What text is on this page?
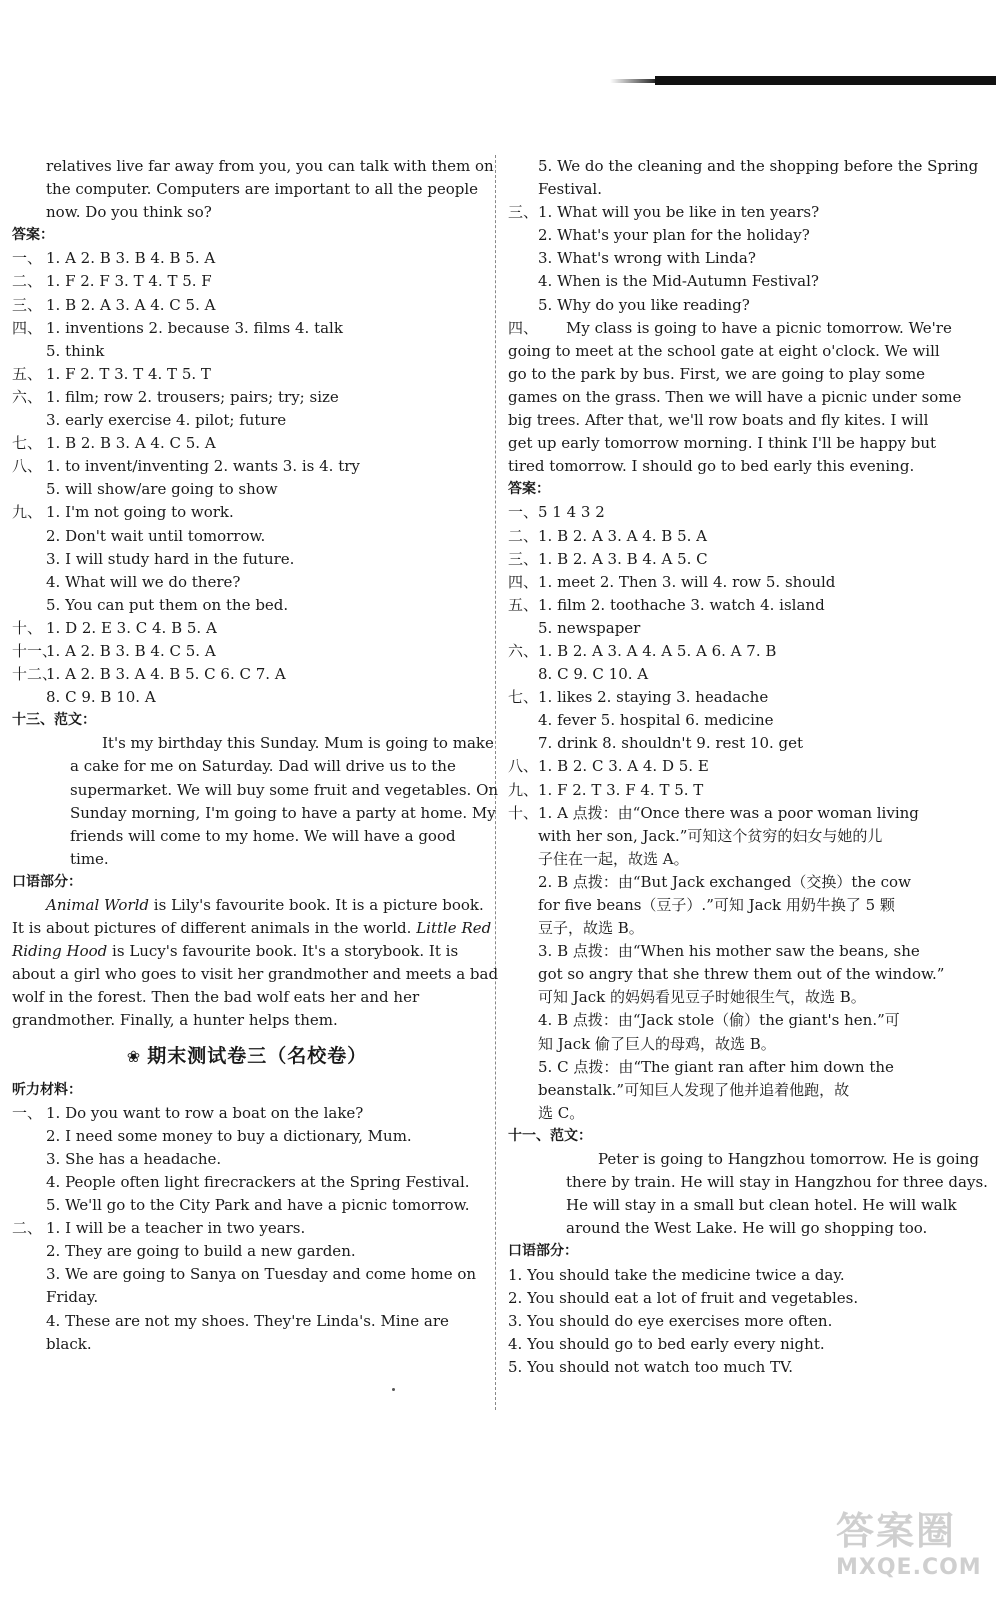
relatives live far away from you, you can talk with them on
the computer. Computers are important to all the people
now. Do you think so?
答案：
一、 1. A 2. B 3. B 4. B 5. A
二、 1. F 2. F 3. T 4. T 5. F
三、 1. B 2. A 3. A 4. C 5. A
四、 1. inventions 2. because 3. films 4. talk
5. think
五、 1. F 2. T 3. T 4. T 5. T
六、 1. film; row 2. trousers; pairs; try; size
3. early exercise 4. pilot; future
七、 1. B 2. B 3. A 4. C 5. A
八、 1. to invent/inventing 2. wants 3. is 4. try
5. will show/are going to show
九、 1. I'm not going to work.
2. Don't wait until tomorrow.
3. I will study hard in the future.
4. What will we do there?
5. You can put them on the bed.
十、 1. D 2. E 3. C 4. B 5. A
十一、1. A 2. B 3. B 4. C 5. A
十二、1. A 2. B 3. A 4. B 5. C 6. C 7. A
8. C 9. B 10. A
十三、范文：
It's my birthday this Sunday. Mum is going to make
a cake for me on Saturday. Dad will drive us to the
supermarket. We will buy some fruit and vegetables. On
Sunday morning, I'm going to have a party at home. My
friends will come to my home. We will have a good
time.
口语部分：
Animal World is Lily's favourite book. It is a picture book.
It is about pictures of different animals in the world. Little Red
Riding Hood is Lucy's favourite book. It's a storybook. It is
about a girl who goes to visit her grandmother and meets a bad
wolf in the forest. Then the bad wolf eats her and her
grandmother. Finally, a hunter helps them.
❀ 期末测试卷三（名校卷）
听力材料：
一、 1. Do you want to row a boat on the lake?
2. I need some money to buy a dictionary, Mum.
3. She has a headache.
4. People often light firecrackers at the Spring Festival.
5. We'll go to the City Park and have a picnic tomorrow.
二、 1. I will be a teacher in two years.
2. They are going to build a new garden.
3. We are going to Sanya on Tuesday and come home on
Friday.
4. These are not my shoes. They're Linda's. Mine are
black.
5. We do the cleaning and the shopping before the Spring
Festival.
三、1. What will you be like in ten years?
2. What's your plan for the holiday?
3. What's wrong with Linda?
4. When is the Mid-Autumn Festival?
5. Why do you like reading?
四、 My class is going to have a picnic tomorrow. We're
going to meet at the school gate at eight o'clock. We will
go to the park by bus. First, we are going to play some
games on the grass. Then we will have a picnic under some
big trees. After that, we'll row boats and fly kites. I will
get up early tomorrow morning. I think I'll be happy but
tired tomorrow. I should go to bed early this evening.
答案：
一、5 1 4 3 2
二、1. B 2. A 3. A 4. B 5. A
三、1. B 2. A 3. B 4. A 5. C
四、1. meet 2. Then 3. will 4. row 5. should
五、1. film 2. toothache 3. watch 4. island
5. newspaper
六、1. B 2. A 3. A 4. A 5. A 6. A 7. B
8. C 9. C 10. A
七、1. likes 2. staying 3. headache
4. fever 5. hospital 6. medicine
7. drink 8. shouldn't 9. rest 10. get
八、1. B 2. C 3. A 4. D 5. E
九、1. F 2. T 3. F 4. T 5. T
十、1. A 点拨：由“Once there was a poor woman living
with her son, Jack.”可知这个贫穷的妇女与她的儿
子住在一起，故选 A。
2. B 点拨：由“But Jack exchanged（交换）the cow
for five beans（豆子）.”可知 Jack 用奶牛换了 5 颗
豆子，故选 B。
3. B 点拨：由“When his mother saw the beans, she
got so angry that she threw them out of the window.”
可知 Jack 的妈妈看见豆子时她很生气，故选 B。
4. B 点拨：由“Jack stole（偷）the giant's hen.”可
知 Jack 偷了巨人的母鸡，故选 B。
5. C 点拨：由“The giant ran after him down the
beanstalk.”可知巨人发现了他并追着他跑，故
选 C。
十一、范文：
Peter is going to Hangzhou tomorrow. He is going
there by train. He will stay in Hangzhou for three days.
He will stay in a small but clean hotel. He will walk
around the West Lake. He will go shopping too.
口语部分：
1. You should take the medicine twice a day.
2. You should eat a lot of fruit and vegetables.
3. You should do eye exercises more often.
4. You should go to bed early every night.
5. You should not watch too much TV.
答案圈
MXQE.COM
